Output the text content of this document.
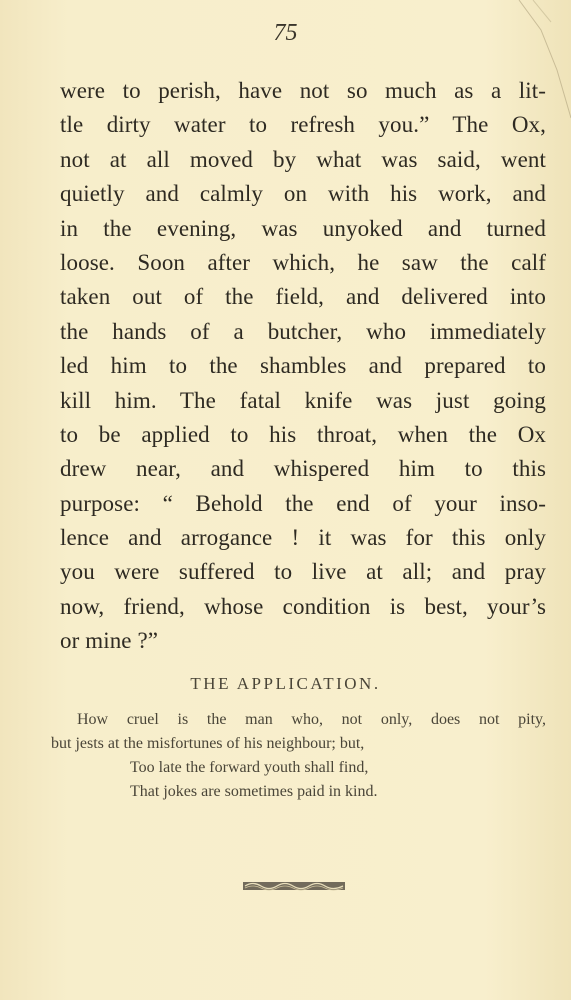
75
were to perish, have not so much as a lit-
tle dirty water to refresh you.” The Ox,
not at all moved by what was said, went
quietly and calmly on with his work, and
in the evening, was unyoked and turned
loose. Soon after which, he saw the calf
taken out of the field, and delivered into
the hands of a butcher, who immediately
led him to the shambles and prepared to
kill him. The fatal knife was just going
to be applied to his throat, when the Ox
drew near, and whispered him to this
purpose: “ Behold the end of your inso-
lence and arrogance ! it was for this only
you were suffered to live at all; and pray
now, friend, whose condition is best, your’s
or mine ?”
THE APPLICATION.
How cruel is the man who, not only, does not pity,
but jests at the misfortunes of his neighbour; but,
Too late the forward youth shall find,
That jokes are sometimes paid in kind.
